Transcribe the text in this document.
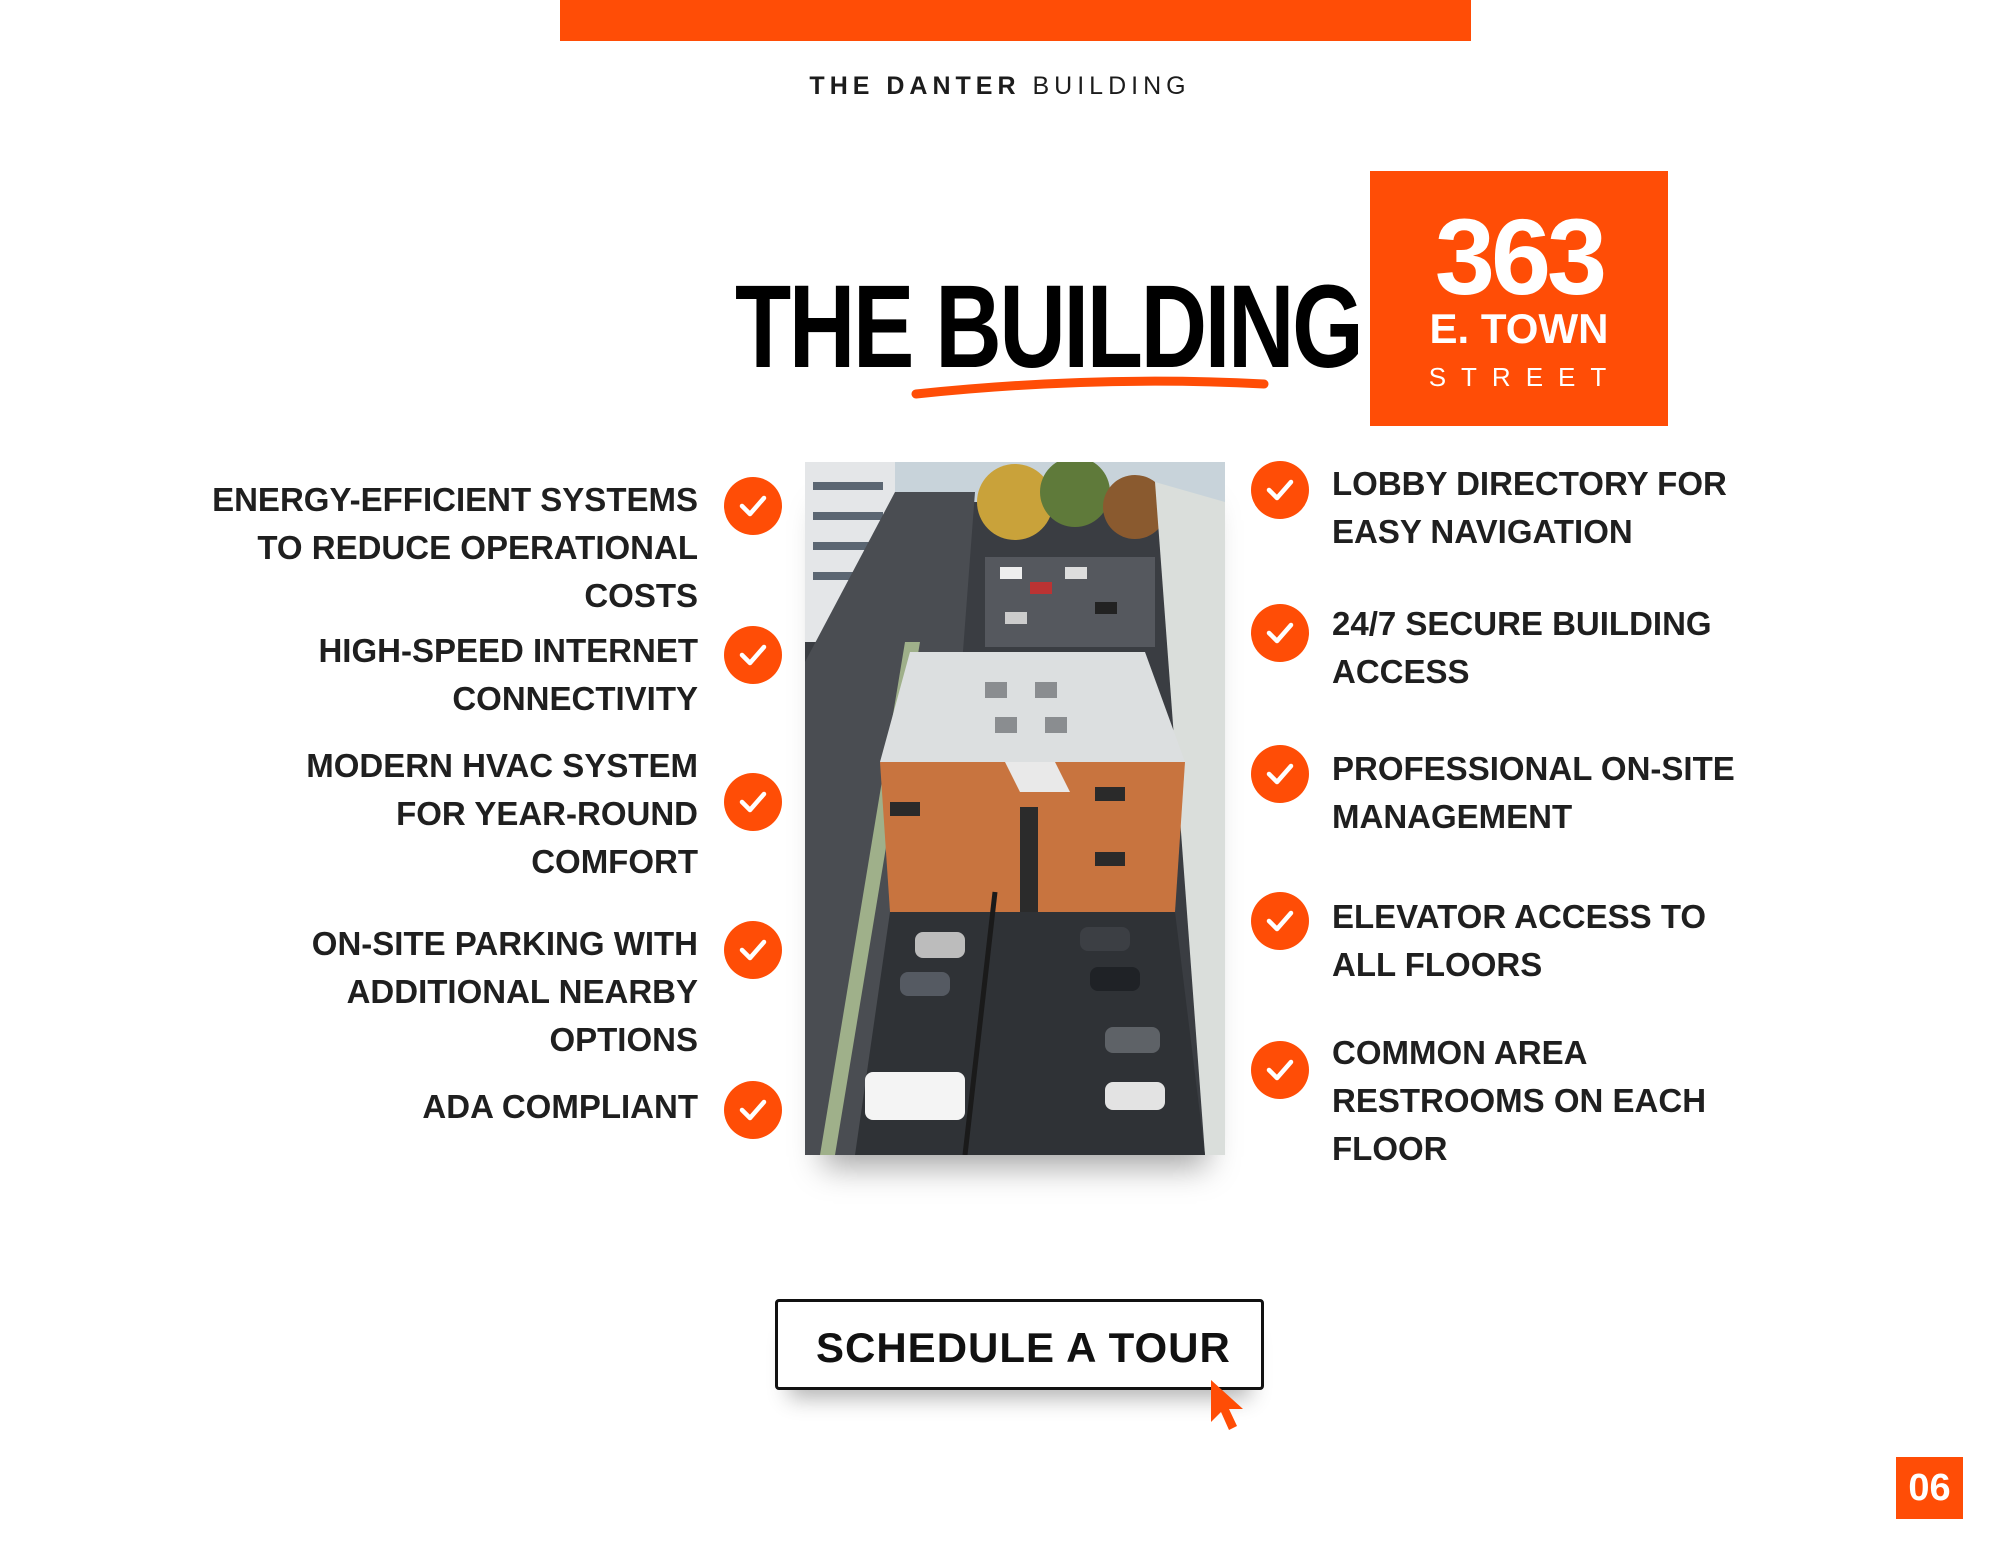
THE DANTER BUILDING
THE BUILDING
363
E. TOWN
STREET
ENERGY-EFFICIENT SYSTEMS
TO REDUCE OPERATIONAL
COSTS
HIGH-SPEED INTERNET
CONNECTIVITY
MODERN HVAC SYSTEM
FOR YEAR-ROUND
COMFORT
ON-SITE PARKING WITH
ADDITIONAL NEARBY
OPTIONS
ADA COMPLIANT
LOBBY DIRECTORY FOR
EASY NAVIGATION
24/7 SECURE BUILDING
ACCESS
PROFESSIONAL ON-SITE
MANAGEMENT
ELEVATOR ACCESS TO
ALL FLOORS
COMMON AREA
RESTROOMS ON EACH
FLOOR
SCHEDULE A TOUR
06
